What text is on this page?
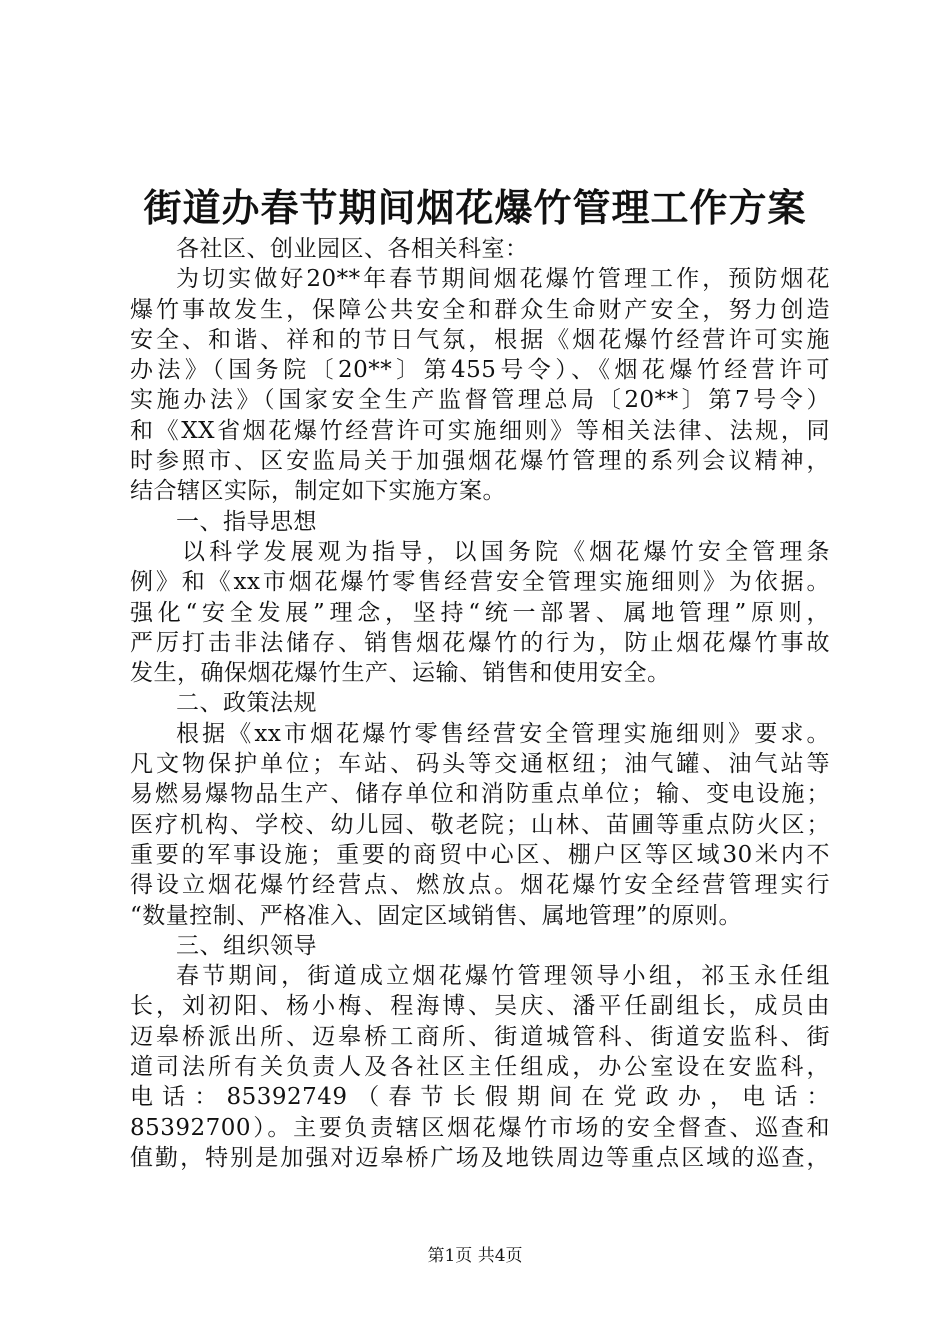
街道办春节期间烟花爆竹管理工作方案
各社区、创业园区、各相关科室：
为切实做好20**年春节期间烟花爆竹管理工作，预防烟花
爆竹事故发生，保障公共安全和群众生命财产安全，努力创造
安全、和谐、祥和的节日气氛，根据《烟花爆竹经营许可实施
办法》（国务院〔20**〕第455号令）、《烟花爆竹经营许可
实施办法》（国家安全生产监督管理总局〔20**〕第7号令）
和《XX省烟花爆竹经营许可实施细则》等相关法律、法规，同
时参照市、区安监局关于加强烟花爆竹管理的系列会议精神，
结合辖区实际，制定如下实施方案。
一、指导思想
以科学发展观为指导，以国务院《烟花爆竹安全管理条
例》和《xx市烟花爆竹零售经营安全管理实施细则》为依据。
强化“安全发展”理念，坚持“统一部署、属地管理”原则，
严厉打击非法储存、销售烟花爆竹的行为，防止烟花爆竹事故
发生，确保烟花爆竹生产、运输、销售和使用安全。
二、政策法规
根据《xx市烟花爆竹零售经营安全管理实施细则》要求。
凡文物保护单位；车站、码头等交通枢纽；油气罐、油气站等
易燃易爆物品生产、储存单位和消防重点单位；输、变电设施；
医疗机构、学校、幼儿园、敬老院；山林、苗圃等重点防火区；
重要的军事设施；重要的商贸中心区、棚户区等区域30米内不
得设立烟花爆竹经营点、燃放点。烟花爆竹安全经营管理实行
“数量控制、严格准入、固定区域销售、属地管理”的原则。
三、组织领导
春节期间，街道成立烟花爆竹管理领导小组，祁玉永任组
长，刘初阳、杨小梅、程海博、吴庆、潘平任副组长，成员由
迈皋桥派出所、迈皋桥工商所、街道城管科、街道安监科、街
道司法所有关负责人及各社区主任组成，办公室设在安监科，
电话：85392749（春节长假期间在党政办，电话：
85392700）。主要负责辖区烟花爆竹市场的安全督查、巡查和
值勤，特别是加强对迈皋桥广场及地铁周边等重点区域的巡查，
第1页 共4页
